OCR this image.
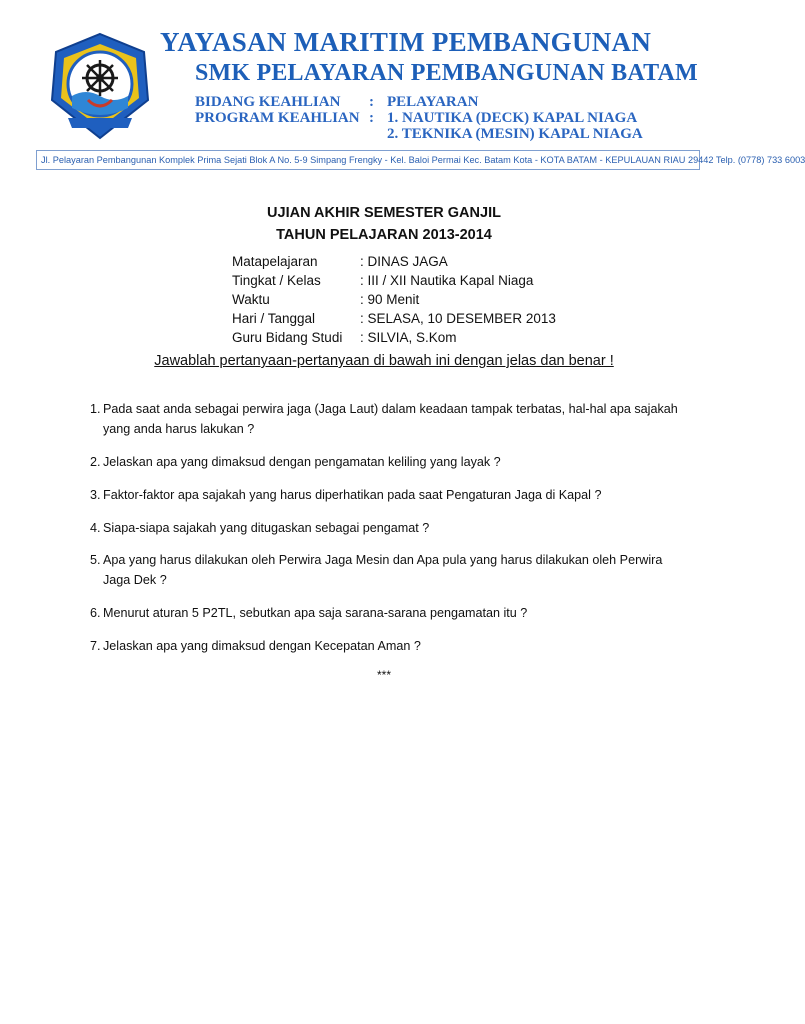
YAYASAN MARITIM PEMBANGUNAN
SMK PELAYARAN PEMBANGUNAN BATAM
BIDANG KEAHLIAN : PELAYARAN
PROGRAM KEAHLIAN : 1. NAUTIKA (DECK) KAPAL NIAGA
2. TEKNIKA (MESIN) KAPAL NIAGA
Jl. Pelayaran Pembangunan Komplek Prima Sejati Blok A No. 5-9 Simpang Frengky - Kel. Baloi Permai Kec. Batam Kota - KOTA BATAM - KEPULAUAN RIAU 29442 Telp. (0778) 733 6003
UJIAN AKHIR SEMESTER GANJIL
TAHUN PELAJARAN 2013-2014
Matapelajaran	: DINAS JAGA
Tingkat / Kelas	: III / XII Nautika Kapal Niaga
Waktu	: 90 Menit
Hari / Tanggal	: SELASA, 10 DESEMBER 2013
Guru Bidang Studi : SILVIA, S.Kom
Jawablah pertanyaan-pertanyaan di bawah ini dengan jelas dan benar !
1. Pada saat anda sebagai perwira jaga (Jaga Laut) dalam keadaan tampak terbatas, hal-hal apa sajakah
yang anda harus lakukan ?
2. Jelaskan apa yang dimaksud dengan pengamatan keliling yang layak ?
3. Faktor-faktor apa sajakah yang harus diperhatikan pada saat Pengaturan Jaga di Kapal ?
4. Siapa-siapa sajakah yang ditugaskan sebagai pengamat ?
5. Apa yang harus dilakukan oleh Perwira Jaga Mesin dan Apa pula yang harus dilakukan oleh Perwira
Jaga Dek ?
6. Menurut aturan 5 P2TL, sebutkan apa saja sarana-sarana pengamatan itu ?
7. Jelaskan apa yang dimaksud dengan Kecepatan Aman ?
***
